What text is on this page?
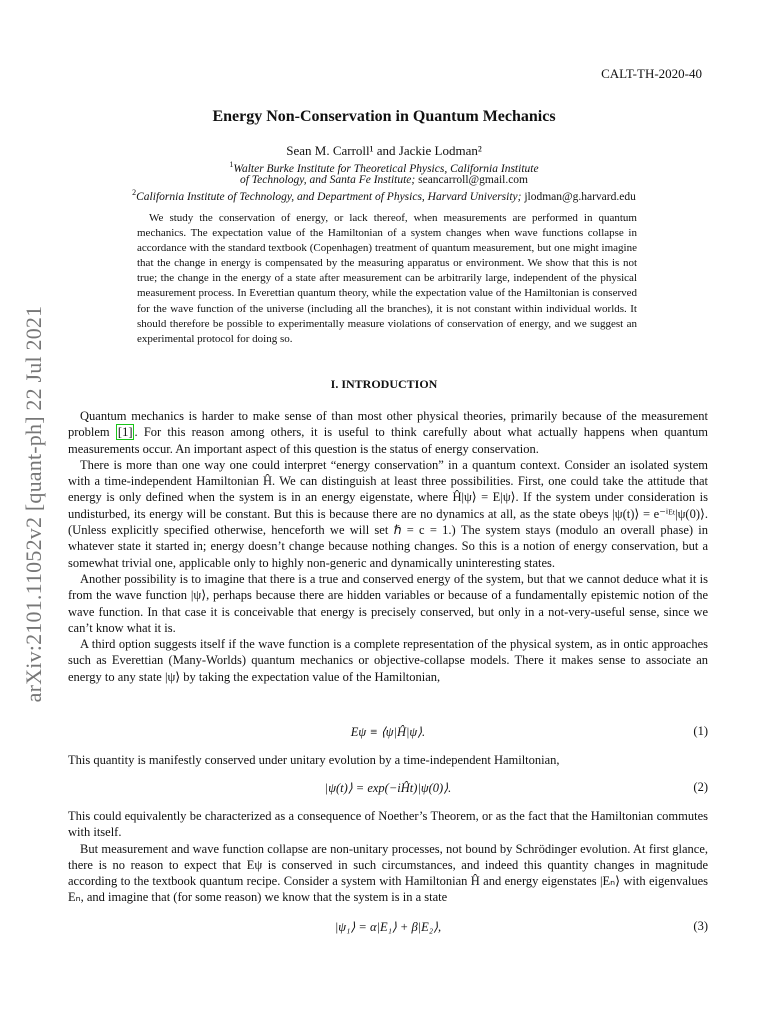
arXiv:2101.11052v2 [quant-ph] 22 Jul 2021
CALT-TH-2020-40
Energy Non-Conservation in Quantum Mechanics
Sean M. Carroll¹ and Jackie Lodman²
$^1$Walter Burke Institute for Theoretical Physics, California Institute
of Technology, and Santa Fe Institute; seancarroll@gmail.com
$^2$California Institute of Technology, and Department of Physics, Harvard University; jlodman@g.harvard.edu

We study the conservation of energy, or lack thereof, when measurements are performed in quantum mechanics. The expectation value of the Hamiltonian of a system changes when wave functions collapse in accordance with the standard textbook (Copenhagen) treatment of quantum measurement, but one might imagine that the change in energy is compensated by the measuring apparatus or environment. We show that this is not true; the change in the energy of a state after measurement can be arbitrarily large, independent of the physical measurement process. In Everettian quantum theory, while the expectation value of the Hamiltonian is conserved for the wave function of the universe (including all the branches), it is not constant within individual worlds. It should therefore be possible to experimentally measure violations of conservation of energy, and we suggest an experimental protocol for doing so.

I. INTRODUCTION

Quantum mechanics is harder to make sense of than most other physical theories, primarily because of the measurement problem [1] . For this reason among others, it is useful to think carefully about what actually happens when quantum measurements occur. An important aspect of this question is the status of energy conservation.

There is more than one way one could interpret “energy conservation” in a quantum context. Consider an isolated system with a time-independent Hamiltonian Ĥ. We can distinguish at least three possibilities. First, one could take the attitude that energy is only defined when the system is in an energy eigenstate, where Ĥ|ψ⟩ = E|ψ⟩. If the system under consideration is undisturbed, its energy will be constant. But this is because there are no dynamics at all, as the state obeys |ψ(t)⟩ = e⁻ⁱᴱᵗ|ψ(0)⟩. (Unless explicitly specified otherwise, henceforth we will set ℏ = c = 1.) The system stays (modulo an overall phase) in whatever state it started in; energy doesn’t change because nothing changes. So this is a notion of energy conservation, but a somewhat trivial one, applicable only to highly non-generic and dynamically uninteresting states.

Another possibility is to imagine that there is a true and conserved energy of the system, but that we cannot deduce what it is from the wave function |ψ⟩, perhaps because there are hidden variables or because of a fundamentally epistemic notion of the wave function. In that case it is conceivable that energy is precisely conserved, but only in a not-very-useful sense, since we can’t know what it is.

A third option suggests itself if the wave function is a complete representation of the physical system, as in ontic approaches such as Everettian (Many-Worlds) quantum mechanics or objective-collapse models. There it makes sense to associate an energy to any state |ψ⟩ by taking the expectation value of the Hamiltonian,

Eψ ≡ ⟨ψ|Ĥ|ψ⟩.	(1)

This quantity is manifestly conserved under unitary evolution by a time-independent Hamiltonian,

|ψ(t)⟩ = exp(−iĤt)|ψ(0)⟩.	(2)

This could equivalently be characterized as a consequence of Noether’s Theorem, or as the fact that the Hamiltonian commutes with itself.

But measurement and wave function collapse are non-unitary processes, not bound by Schrödinger evolution. At first glance, there is no reason to expect that Eψ is conserved in such circumstances, and indeed this quantity changes in magnitude according to the textbook quantum recipe. Consider a system with Hamiltonian Ĥ and energy eigenstates |Eₙ⟩ with eigenvalues Eₙ, and imagine that (for some reason) we know that the system is in a state

|ψ₁⟩ = α|E₁⟩ + β|E₂⟩,	(3)
